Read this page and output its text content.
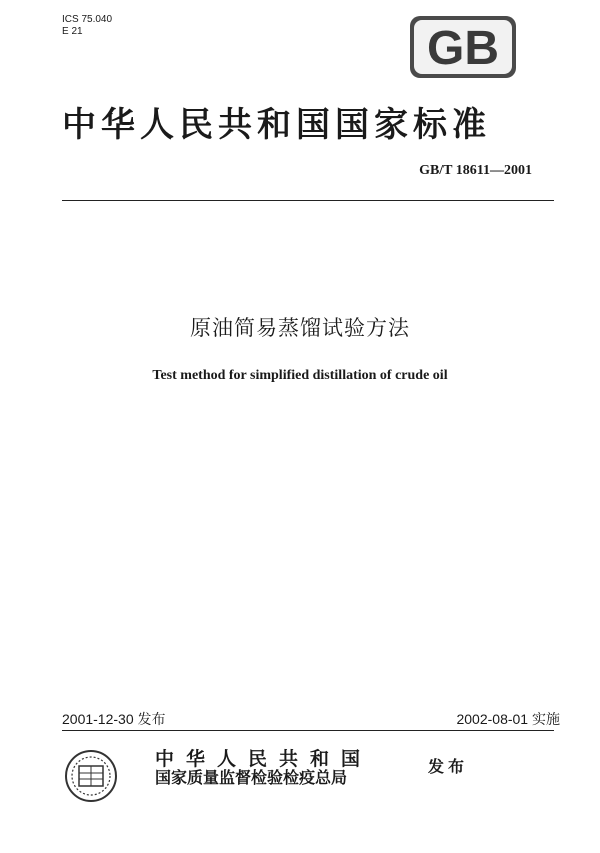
ICS 75.040
E 21	GB
中华人民共和国国家标准
GB/T 18611—2001
原油简易蒸馏试验方法
Test method for simplified distillation of crude oil
2001-12-30 发布	2002-08-01 实施
中华人民共和国
国家质量监督检验检疫总局
发布
